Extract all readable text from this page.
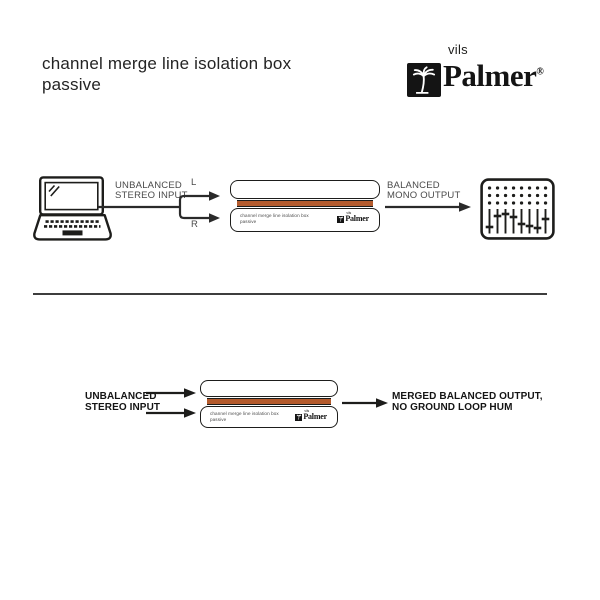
channel merge line isolation box
passive
vils
Palmer®
UNBALANCED
STEREO INPUT
L
R
channel merge line isolation box
passive
vils
Palmer
BALANCED
MONO OUTPUT
UNBALANCED
STEREO INPUT
channel merge line isolation box
passive
vils
Palmer
MERGED BALANCED OUTPUT,
NO GROUND LOOP HUM
